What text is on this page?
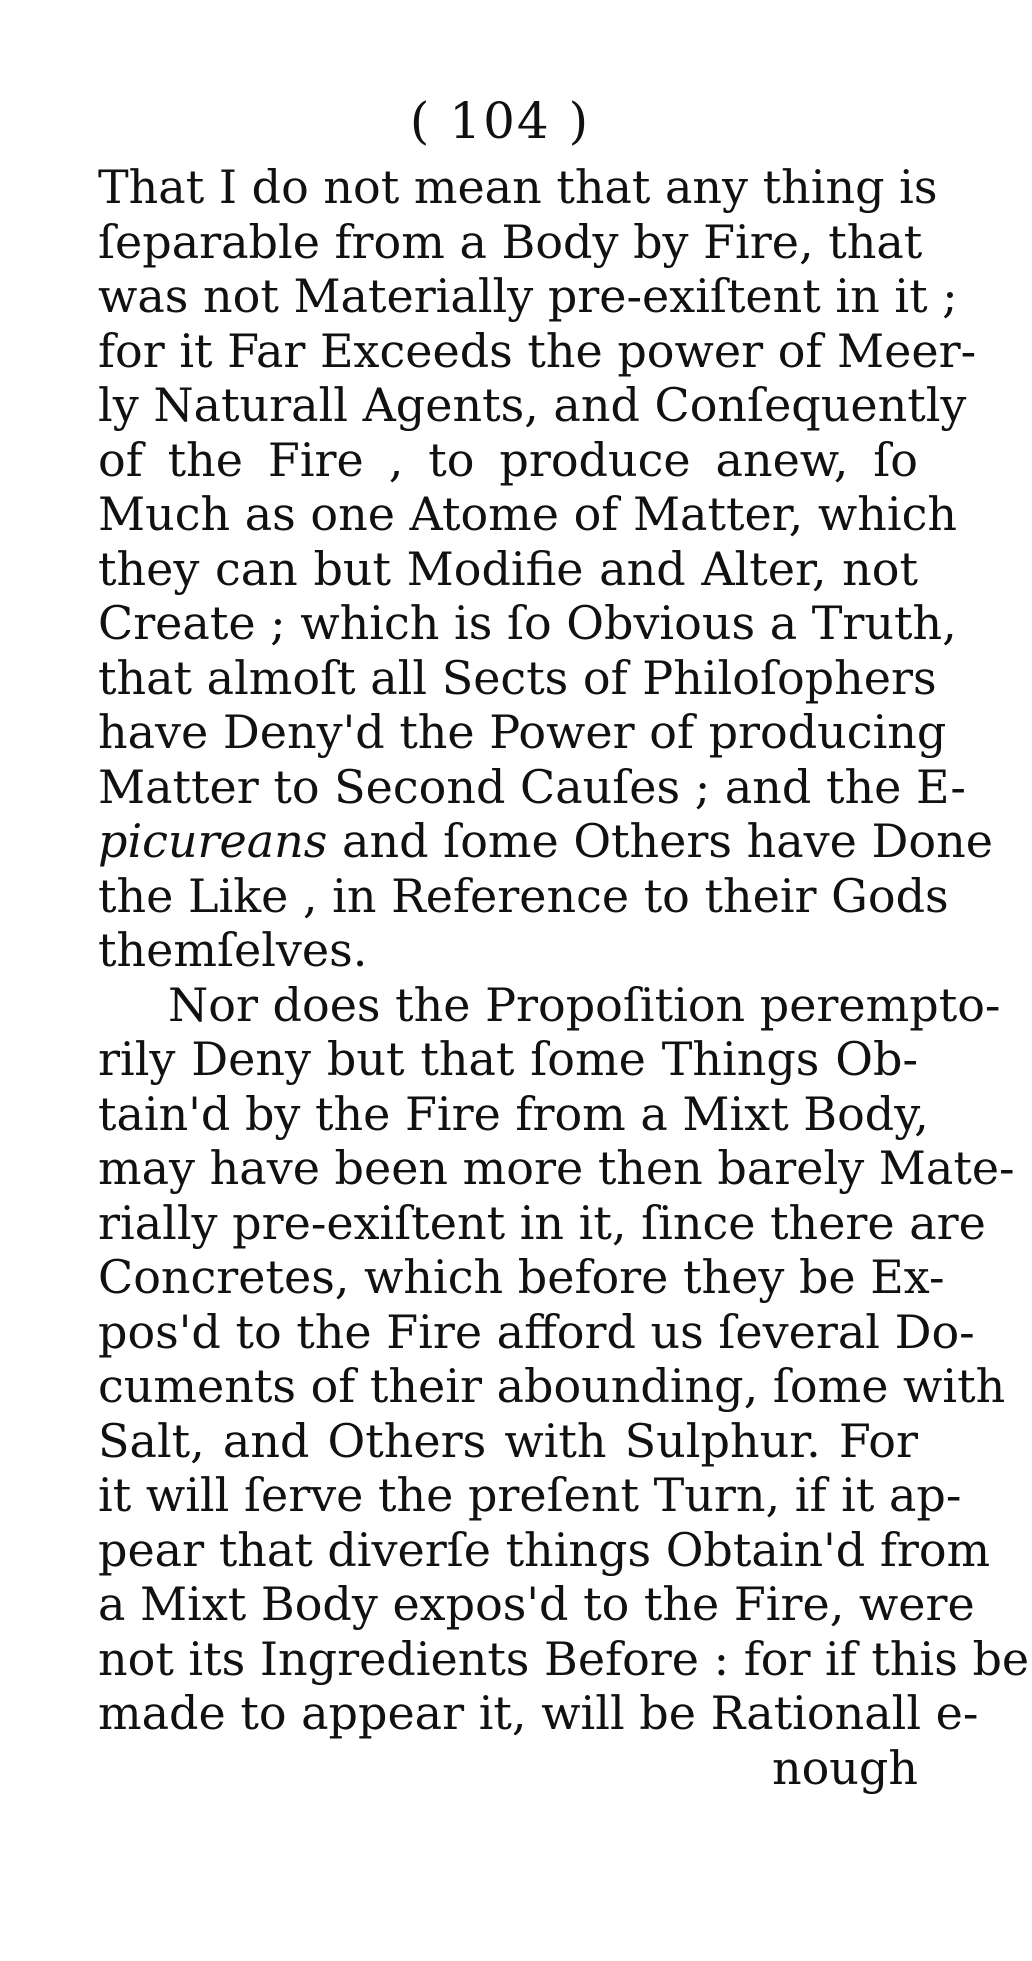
( 104 )
That I do not mean that any thing is
ſeparable from a Body by Fire, that
was not Materially pre-exiſtent in it ;
for it Far Exceeds the power of Meer-
ly Naturall Agents, and Conſequently
of the Fire , to produce anew, ſo
Much as one Atome of Matter, which
they can but Modifie and Alter, not
Create ; which is ſo Obvious a Truth,
that almoſt all Sects of Philoſophers
have Deny'd the Power of producing
Matter to Second Cauſes ; and the E-
picureans and ſome Others have Done
the Like , in Reference to their Gods
themſelves.
Nor does the Propoſition peremptο-
rily Deny but that ſome Things Ob-
tain'd by the Fire from a Mixt Body,
may have been more then barely Mate-
rially pre-exiſtent in it, ſince there are
Concretes, which before they be Ex-
pos'd to the Fire afford us ſeveral Do-
cuments of their abounding, ſome with
Salt, and Others with Sulphur. For
it will ſerve the preſent Turn, if it ap-
pear that diverſe things Obtain'd from
a Mixt Body expos'd to the Fire, were
not its Ingredients Before : for if this be
made to appear it, will be Rationall e-
nough
